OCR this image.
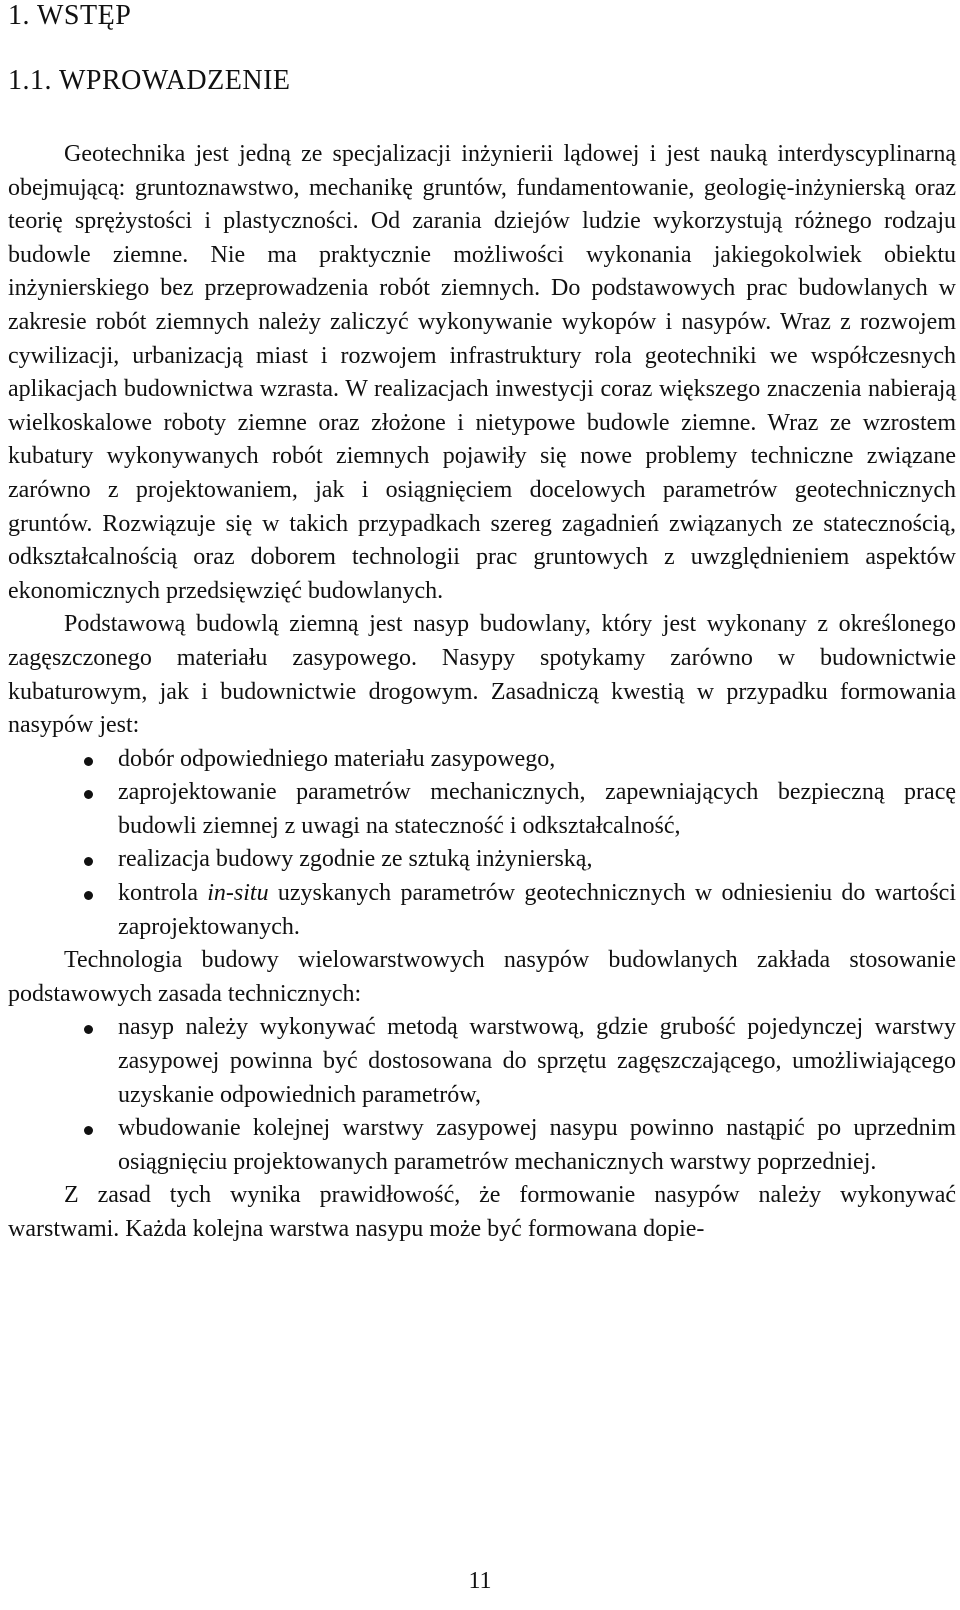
1. WSTĘP
1.1. WPROWADZENIE

Geotechnika jest jedną ze specjalizacji inżynierii lądowej i jest nauką interdyscyplinarną obejmującą: gruntoznawstwo, mechanikę gruntów, fundamentowanie, geologię-inżynierską oraz teorię sprężystości i plastyczności. Od zarania dziejów ludzie wykorzystują różnego rodzaju budowle ziemne. Nie ma praktycznie możliwości wykonania jakiegokolwiek obiektu inżynierskiego bez przeprowadzenia robót ziemnych. Do podstawowych prac budowlanych w zakresie robót ziemnych należy zaliczyć wykonywanie wykopów i nasypów. Wraz z rozwojem cywilizacji, urbanizacją miast i rozwojem infrastruktury rola geotechniki we współczesnych aplikacjach budownictwa wzrasta. W realizacjach inwestycji coraz większego znaczenia nabierają wielkoskalowe roboty ziemne oraz złożone i nietypowe budowle ziemne. Wraz ze wzrostem kubatury wykonywanych robót ziemnych pojawiły się nowe problemy techniczne związane zarówno z projektowaniem, jak i osiągnięciem docelowych parametrów geotechnicznych gruntów. Rozwiązuje się w takich przypadkach szereg zagadnień związanych ze statecznością, odkształcalnością oraz doborem technologii prac gruntowych z uwzględnieniem aspektów ekonomicznych przedsięwzięć budowlanych.

Podstawową budowlą ziemną jest nasyp budowlany, który jest wykonany z określonego zagęszczonego materiału zasypowego. Nasypy spotykamy zarówno w budownictwie kubaturowym, jak i budownictwie drogowym. Zasadniczą kwestią w przypadku formowania nasypów jest:

dobór odpowiedniego materiału zasypowego,
zaprojektowanie parametrów mechanicznych, zapewniających bezpieczną pracę budowli ziemnej z uwagi na stateczność i odkształcalność,
realizacja budowy zgodnie ze sztuką inżynierską,
kontrola in-situ uzyskanych parametrów geotechnicznych w odniesieniu do wartości zaprojektowanych.

Technologia budowy wielowarstwowych nasypów budowlanych zakłada stosowanie podstawowych zasada technicznych:

nasyp należy wykonywać metodą warstwową, gdzie grubość pojedynczej warstwy zasypowej powinna być dostosowana do sprzętu zagęszczającego, umożliwiającego uzyskanie odpowiednich parametrów,
wbudowanie kolejnej warstwy zasypowej nasypu powinno nastąpić po uprzednim osiągnięciu projektowanych parametrów mechanicznych warstwy poprzedniej.

Z zasad tych wynika prawidłowość, że formowanie nasypów należy wykonywać warstwami. Każda kolejna warstwa nasypu może być formowana dopie-

11
